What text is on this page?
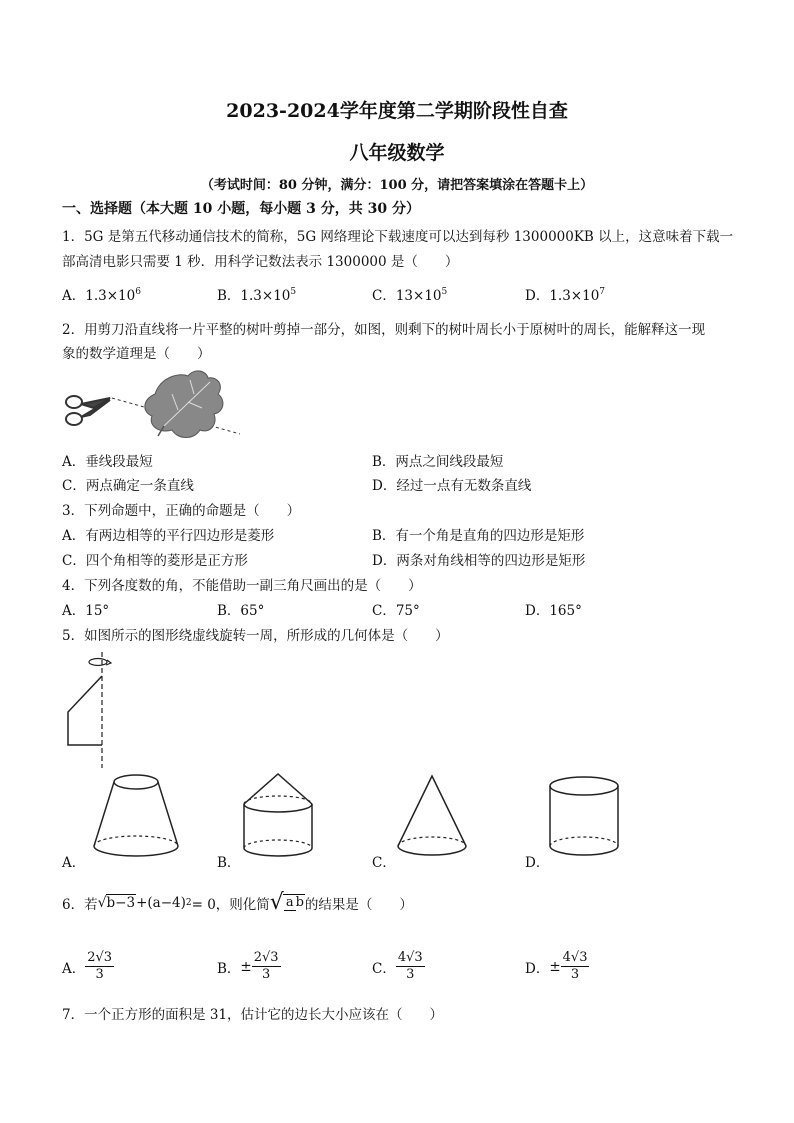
2023-2024学年度第二学期阶段性自查
八年级数学
（考试时间：80 分钟，满分：100 分，请把答案填涂在答题卡上）
一、选择题（本大题 10 小题，每小题 3 分，共 30 分）
1．5G 是第五代移动通信技术的简称，5G 网络理论下载速度可以达到每秒 1300000KB 以上，这意味着下载一
部高清电影只需要 1 秒．用科学记数法表示 1300000 是（　　）
A．$1.3\times 10^6$	B．$1.3\times 10^5$	C．$13\times 10^5$	D．$1.3\times 10^7$
2．用剪刀沿直线将一片平整的树叶剪掉一部分，如图，则剩下的树叶周长小于原树叶的周长，能解释这一现
象的数学道理是（　　）
A．垂线段最短	B．两点之间线段最短
C．两点确定一条直线	D．经过一点有无数条直线
3．下列命题中，正确的命题是（　　）
A．有两边相等的平行四边形是菱形	B．有一个角是直角的四边形是矩形
C．四个角相等的菱形是正方形	D．两条对角线相等的四边形是矩形
4．下列各度数的角，不能借助一副三角尺画出的是（　　）
A．15°	B．65°	C．75°	D．165°
5．如图所示的图形绕虚线旋转一周，所形成的几何体是（　　）
A．	B．	C．	D．
6．若 √ b−3 +(a−4) 2 = 0，则化简 √ a b 的结果是（　　）
A． $\frac{2√3}{3}$	B． ± $\frac{2√3}{3}$	C． $\frac{4√3}{3}$	D． ± $\frac{4√3}{3}$
7．一个正方形的面积是 31，估计它的边长大小应该在（　　）
